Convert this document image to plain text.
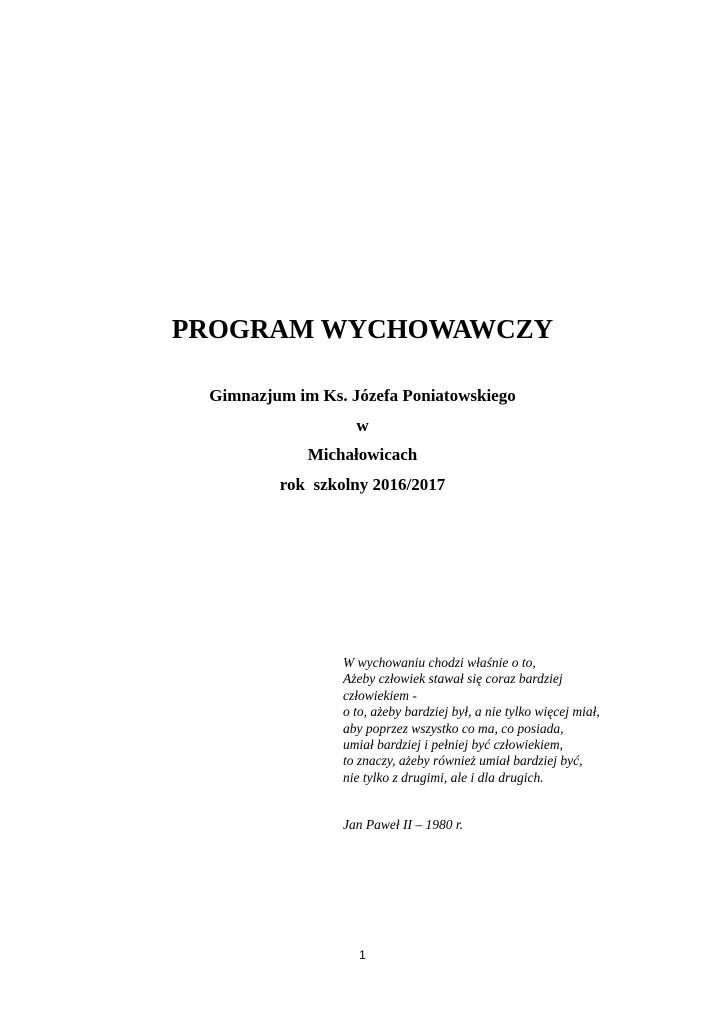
PROGRAM WYCHOWAWCZY
Gimnazjum im Ks. Józefa Poniatowskiego
w
Michałowicach
rok  szkolny 2016/2017
W wychowaniu chodzi właśnie o to,
Ażeby człowiek stawał się coraz bardziej
człowiekiem -
o to, ażeby bardziej był, a nie tylko więcej miał,
aby poprzez wszystko co ma, co posiada,
umiał bardziej i pełniej być człowiekiem,
to znaczy, ażeby również umiał bardziej być,
nie tylko z drugimi, ale i dla drugich.
Jan Paweł II – 1980 r.
1
